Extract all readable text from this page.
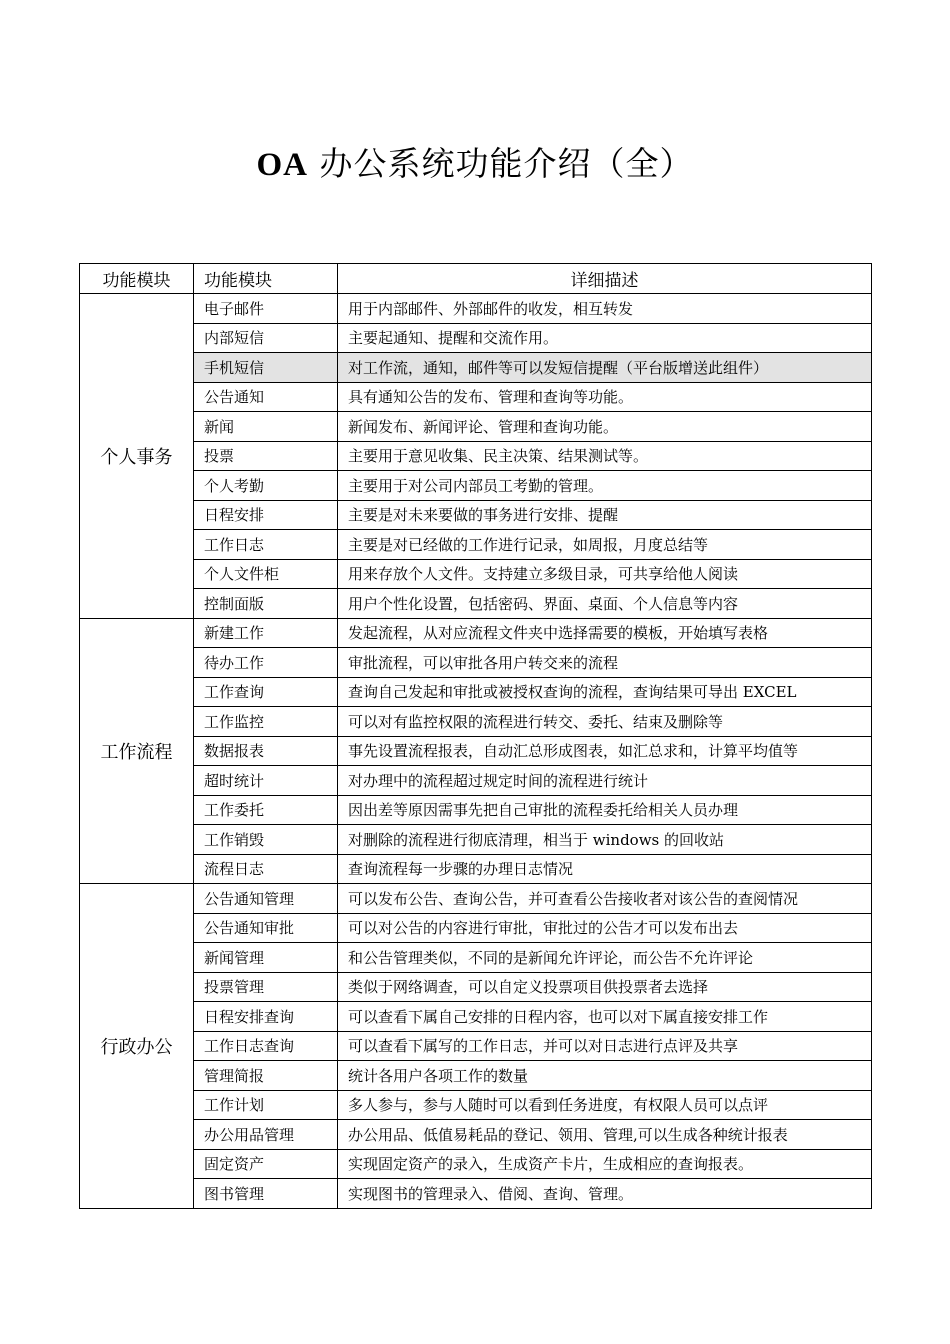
OA 办公系统功能介绍（全）
功能模块	功能模块	详细描述
个人事务	电子邮件	用于内部邮件、外部邮件的收发，相互转发
	内部短信	主要起通知、提醒和交流作用。
	手机短信	对工作流，通知，邮件等可以发短信提醒（平台版增送此组件）
	公告通知	具有通知公告的发布、管理和查询等功能。
	新闻	新闻发布、新闻评论、管理和查询功能。
	投票	主要用于意见收集、民主决策、结果测试等。
	个人考勤	主要用于对公司内部员工考勤的管理。
	日程安排	主要是对未来要做的事务进行安排、提醒
	工作日志	主要是对已经做的工作进行记录，如周报，月度总结等
	个人文件柜	用来存放个人文件。支持建立多级目录，可共享给他人阅读
	控制面版	用户个性化设置，包括密码、界面、桌面、个人信息等内容
工作流程	新建工作	发起流程，从对应流程文件夹中选择需要的模板，开始填写表格
	待办工作	审批流程，可以审批各用户转交来的流程
	工作查询	查询自己发起和审批或被授权查询的流程，查询结果可导出 EXCEL
	工作监控	可以对有监控权限的流程进行转交、委托、结束及删除等
	数据报表	事先设置流程报表，自动汇总形成图表，如汇总求和，计算平均值等
	超时统计	对办理中的流程超过规定时间的流程进行统计
	工作委托	因出差等原因需事先把自己审批的流程委托给相关人员办理
	工作销毁	对删除的流程进行彻底清理，相当于 windows 的回收站
	流程日志	查询流程每一步骤的办理日志情况
行政办公	公告通知管理	可以发布公告、查询公告，并可查看公告接收者对该公告的查阅情况
	公告通知审批	可以对公告的内容进行审批，审批过的公告才可以发布出去
	新闻管理	和公告管理类似，不同的是新闻允许评论，而公告不允许评论
	投票管理	类似于网络调查，可以自定义投票项目供投票者去选择
	日程安排查询	可以查看下属自己安排的日程内容，也可以对下属直接安排工作
	工作日志查询	可以查看下属写的工作日志，并可以对日志进行点评及共享
	管理简报	统计各用户各项工作的数量
	工作计划	多人参与，参与人随时可以看到任务进度，有权限人员可以点评
	办公用品管理	办公用品、低值易耗品的登记、领用、管理,可以生成各种统计报表
	固定资产	实现固定资产的录入，生成资产卡片，生成相应的查询报表。
	图书管理	实现图书的管理录入、借阅、查询、管理。
